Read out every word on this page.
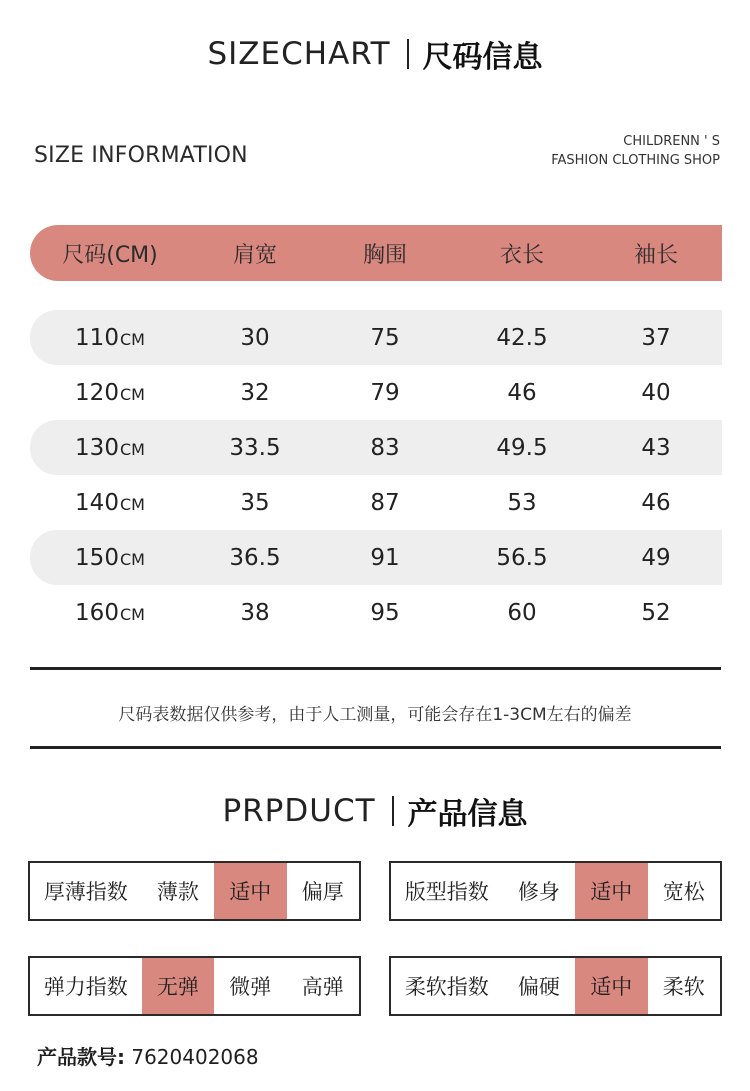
SIZECHART 尺码信息
SIZE INFORMATION
CHILDRENN ' S
FASHION CLOTHING SHOP
尺码(CM)	肩宽	胸围	衣长	袖长
110 CM	30	75	42.5	37
120 CM	32	79	46	40
130 CM	33.5	83	49.5	43
140 CM	35	87	53	46
150 CM	36.5	91	56.5	49
160 CM	38	95	60	52
尺码表数据仅供参考，由于人工测量，可能会存在1-3CM左右的偏差
PRPDUCT 产品信息
厚薄指数	薄款	适中	偏厚	版型指数	修身	适中	宽松
弹力指数	无弹	微弹	高弹	柔软指数	偏硬	适中	柔软
产品款号: 7620402068
